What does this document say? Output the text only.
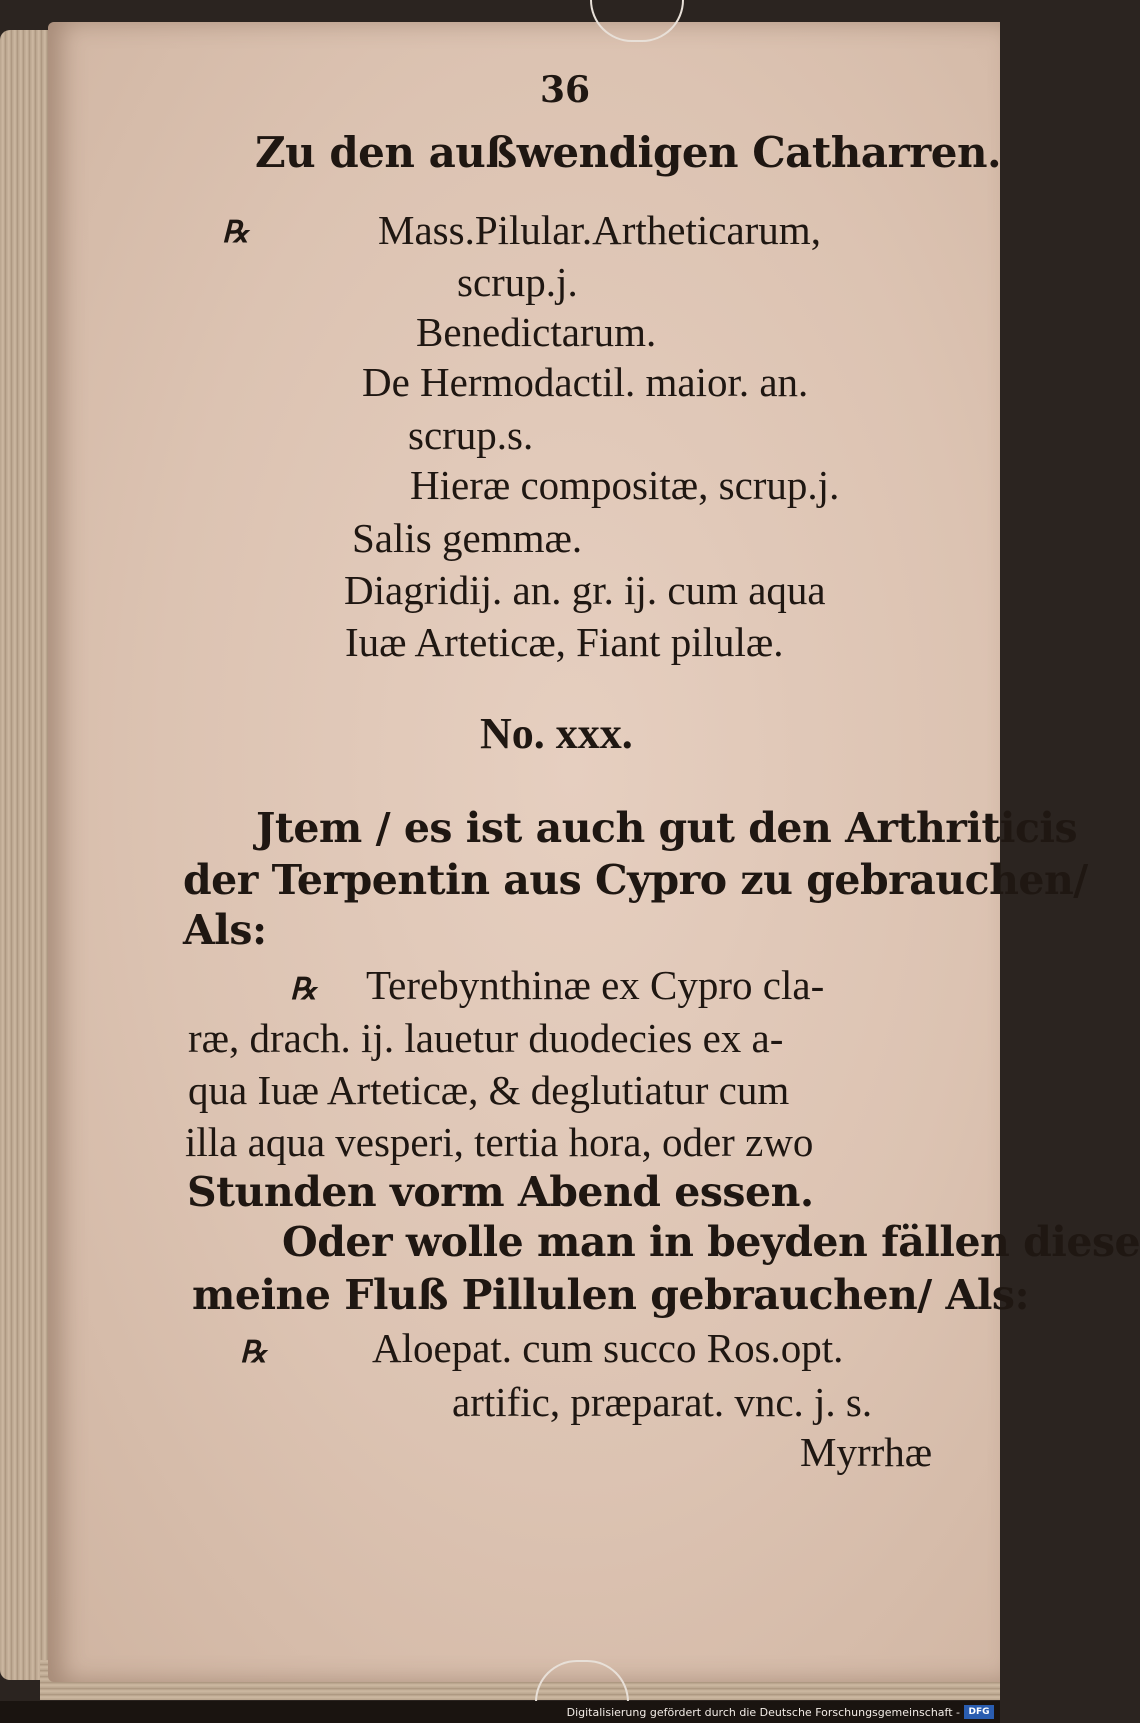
36
Zu den außwendigen Catharren.
℞	Mass.Pilular.Artheticarum,
scrup.j.
Benedictarum.
De Hermodactil. maior. an.
scrup.s.
Hieræ compositæ, scrup.j.
Salis gemmæ.
Diagridij. an. gr. ij. cum aqua
Iuæ Arteticæ, Fiant pilulæ.
No. xxx.
Jtem / es ist auch gut den Arthriticis
der Terpentin aus Cypro zu gebrauchen/
Als:
℞ Terebynthinæ ex Cypro cla-
ræ, drach. ij. lauetur duodecies ex a-
qua Iuæ Arteticæ, & deglutiatur cum
illa aqua vesperi, tertia hora, oder zwo
Stunden vorm Abend essen.
Oder wolle man in beyden fällen diese
meine Fluß Pillulen gebrauchen/ Als:
℞	Aloepat. cum succo Ros.opt.
artific, præparat. vnc. j. s.
Myrrhæ
Digitalisierung gefördert durch die Deutsche Forschungsgemeinschaft - DFG
